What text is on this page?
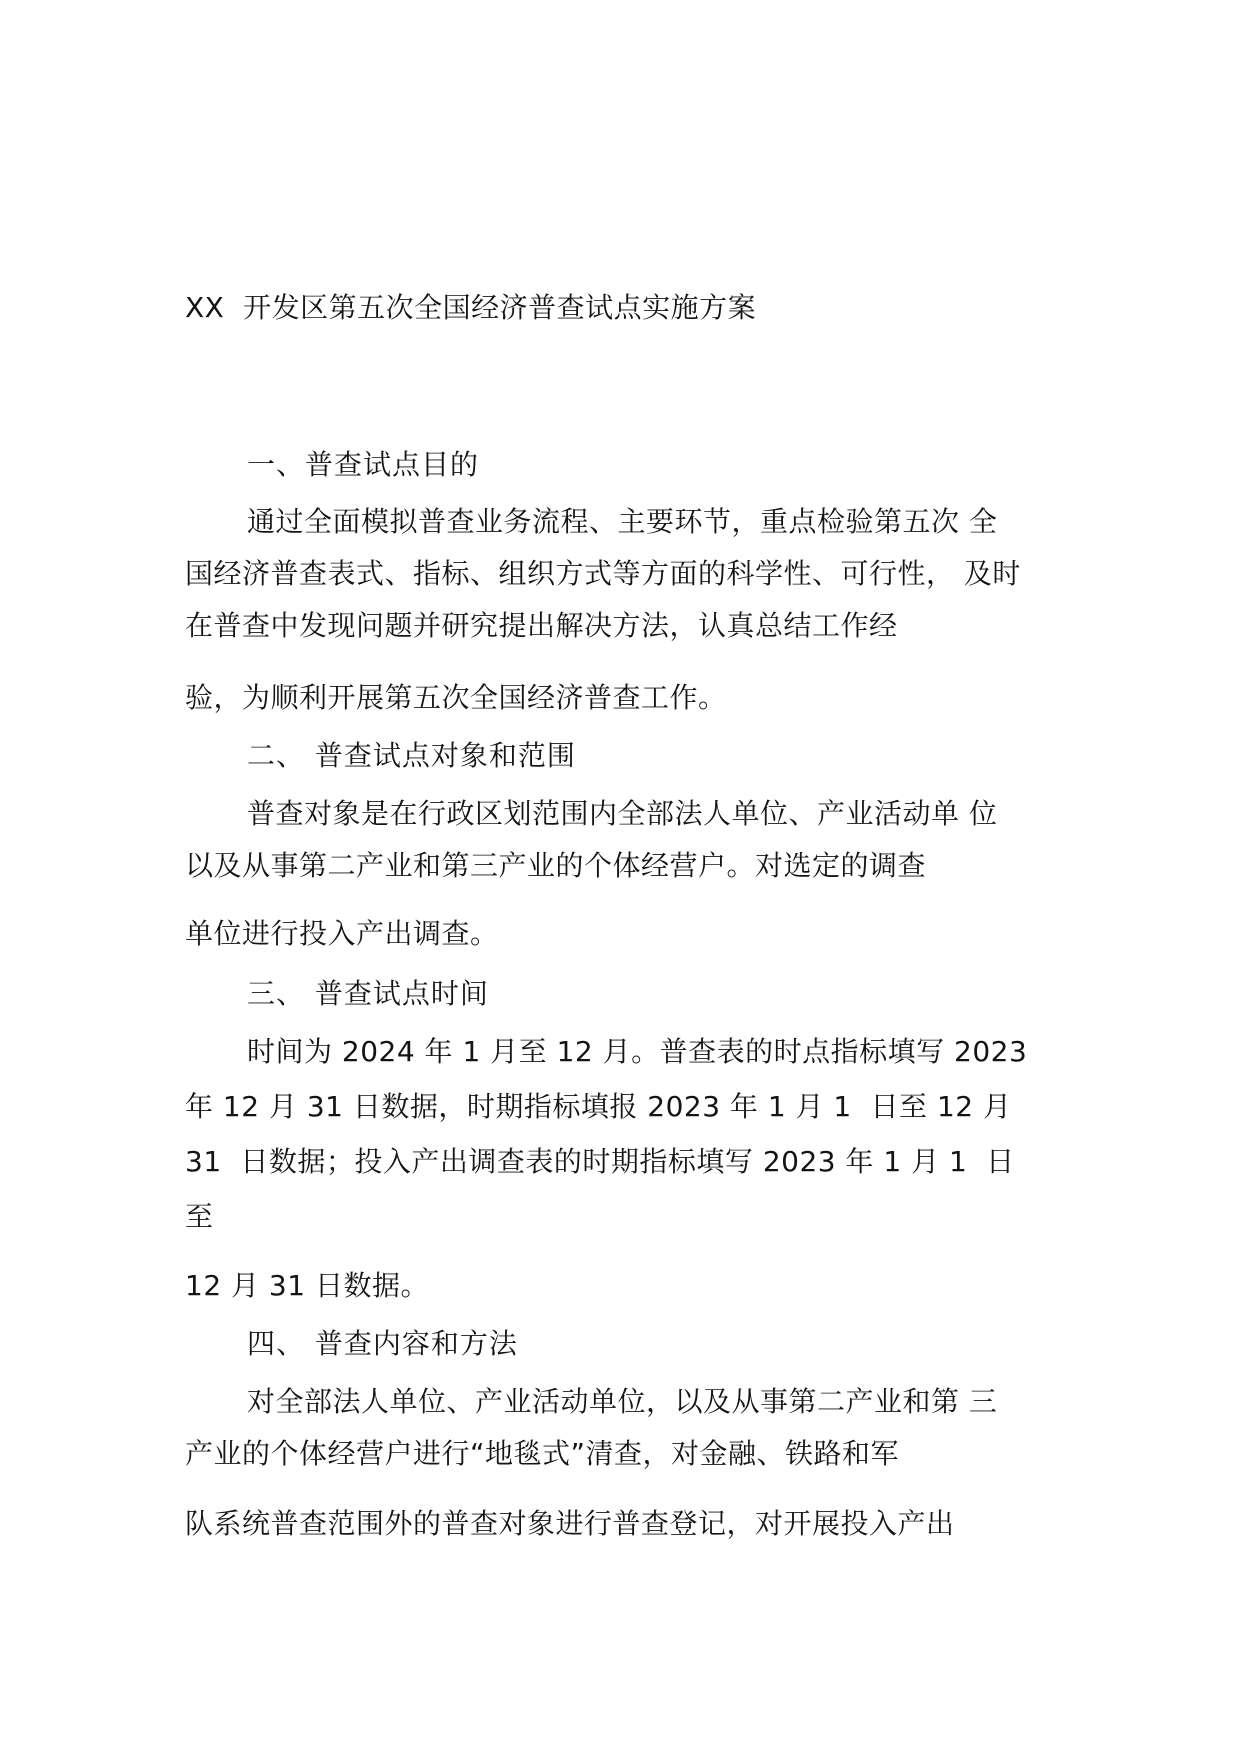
XX  开发区第五次全国经济普查试点实施方案
一、普查试点目的
通过全面模拟普查业务流程、主要环节，重点检验第五次 全
国经济普查表式、指标、组织方式等方面的科学性、可行性， 及时
在普查中发现问题并研究提出解决方法，认真总结工作经
验，为顺利开展第五次全国经济普查工作。
二、 普查试点对象和范围
普查对象是在行政区划范围内全部法人单位、产业活动单 位
以及从事第二产业和第三产业的个体经营户。对选定的调查
单位进行投入产出调查。
三、 普查试点时间
时间为 2024 年 1 月至 12 月。普查表的时点指标填写 2023
年 12 月 31 日数据，时期指标填报 2023 年 1 月 1  日至 12 月
31  日数据；投入产出调查表的时期指标填写 2023 年 1 月 1  日
至
12 月 31 日数据。
四、 普查内容和方法
对全部法人单位、产业活动单位，以及从事第二产业和第 三
产业的个体经营户进行“地毯式”清查，对金融、铁路和军
队系统普查范围外的普查对象进行普查登记，对开展投入产出
